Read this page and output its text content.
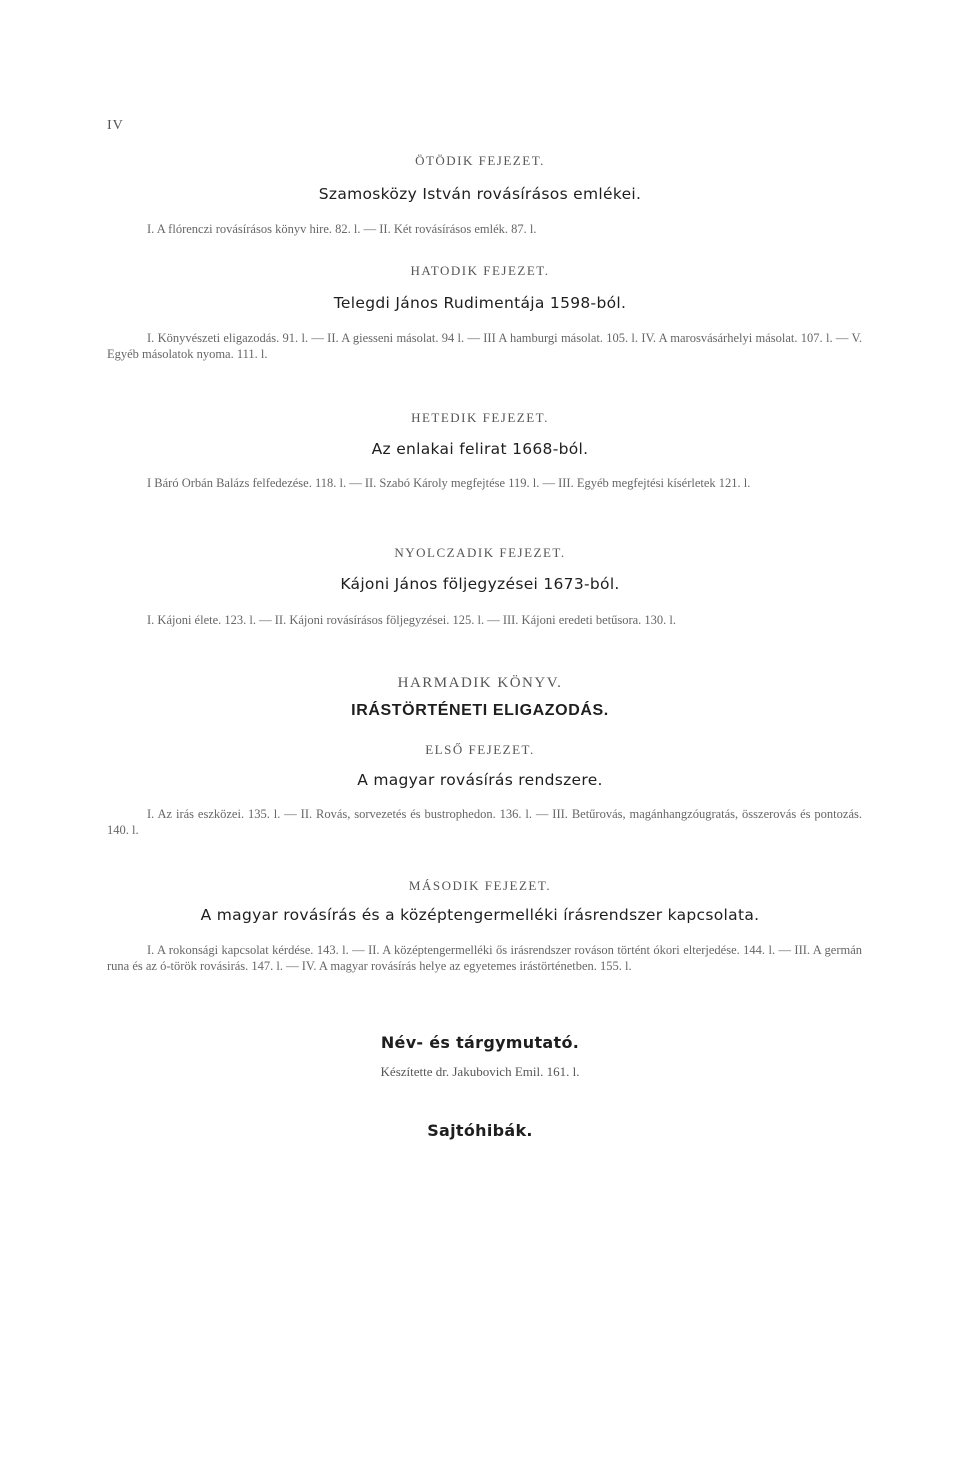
IV
ÖTÖDIK FEJEZET.
Szamosközy István rovásírásos emlékei.
I. A flórenczi rovásírásos könyv hire. 82. l. — II. Két rovásírásos emlék. 87. l.
HATODIK FEJEZET.
Telegdi János Rudimentája 1598-ból.
I. Könyvészeti eligazodás. 91. l. — II. A giesseni másolat. 94 l. — III A hamburgi másolat. 105. l. IV. A marosvásárhelyi másolat. 107. l. — V. Egyéb másolatok nyoma. 111. l.
HETEDIK FEJEZET.
Az enlakai felirat 1668-ból.
I Báró Orbán Balázs felfedezése. 118. l. — II. Szabó Károly megfejtése 119. l. — III. Egyéb megfejtési kísérletek 121. l.
NYOLCZADIK FEJEZET.
Kájoni János följegyzései 1673-ból.
I. Kájoni élete. 123. l. — II. Kájoni rovásírásos följegyzései. 125. l. — III. Kájoni eredeti betűsora. 130. l.
HARMADIK KÖNYV.
IRÁSTÖRTÉNETI ELIGAZODÁS.
ELSŐ FEJEZET.
A magyar rovásírás rendszere.
I. Az irás eszközei. 135. l. — II. Rovás, sorvezetés és bustrophedon. 136. l. — III. Betűrovás, magánhangzóugratás, összerovás és pontozás. 140. l.
MÁSODIK FEJEZET.
A magyar rovásírás és a középtengermelléki írásrendszer kapcsolata.
I. A rokonsági kapcsolat kérdése. 143. l. — II. A középtengermelléki ős irásrendszer rováson történt ókori elterjedése. 144. l. — III. A germán runa és az ó-török rovásirás. 147. l. — IV. A magyar rovásírás helye az egyetemes irástörténetben. 155. l.
Név- és tárgymutató.
Készítette dr. Jakubovich Emil. 161. l.
Sajtóhibák.
